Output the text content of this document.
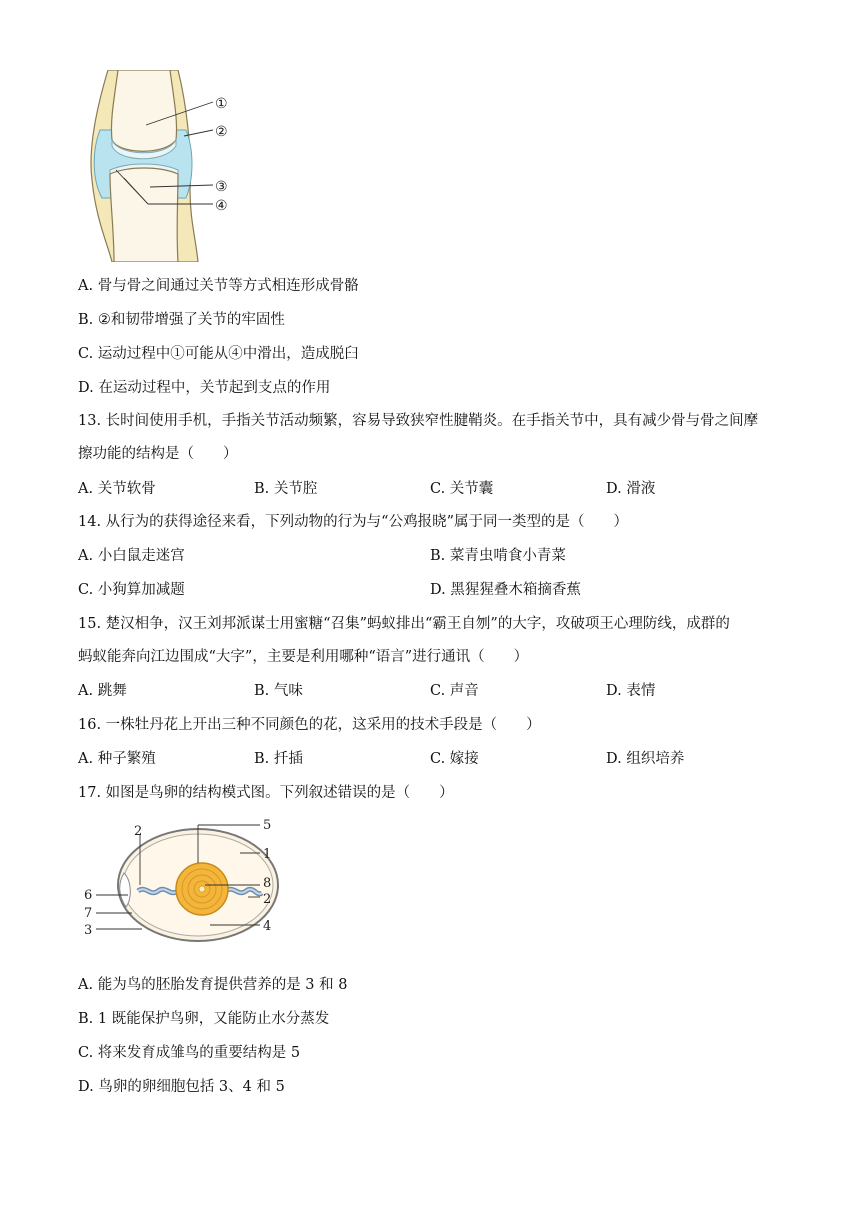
①
②
③
④
A. 骨与骨之间通过关节等方式相连形成骨骼
B. ②和韧带增强了关节的牢固性
C. 运动过程中①可能从④中滑出，造成脱臼
D. 在运动过程中，关节起到支点的作用
13. 长时间使用手机，手指关节活动频繁，容易导致狭窄性腱鞘炎。在手指关节中，具有减少骨与骨之间摩
擦功能的结构是（　　）
A. 关节软骨	B. 关节腔	C. 关节囊	D. 滑液
14. 从行为的获得途径来看，下列动物的行为与“公鸡报晓”属于同一类型的是（　　）
A. 小白鼠走迷宫	B. 菜青虫啃食小青菜
C. 小狗算加减题	D. 黑猩猩叠木箱摘香蕉
15. 楚汉相争，汉王刘邦派谋士用蜜糖“召集”蚂蚁排出“霸王自刎”的大字，攻破项王心理防线，成群的
蚂蚁能奔向江边围成“大字”，主要是利用哪种“语言”进行通讯（　　）
A. 跳舞	B. 气味	C. 声音	D. 表情
16. 一株牡丹花上开出三种不同颜色的花，这采用的技术手段是（　　）
A. 种子繁殖	B. 扦插	C. 嫁接	D. 组织培养
17. 如图是鸟卵的结构模式图。下列叙述错误的是（　　）
2	5
1
8
2
4
6
7
3
A. 能为鸟的胚胎发育提供营养的是 3 和 8
B. 1 既能保护鸟卵，又能防止水分蒸发
C. 将来发育成雏鸟的重要结构是 5
D. 鸟卵的卵细胞包括 3、4 和 5
